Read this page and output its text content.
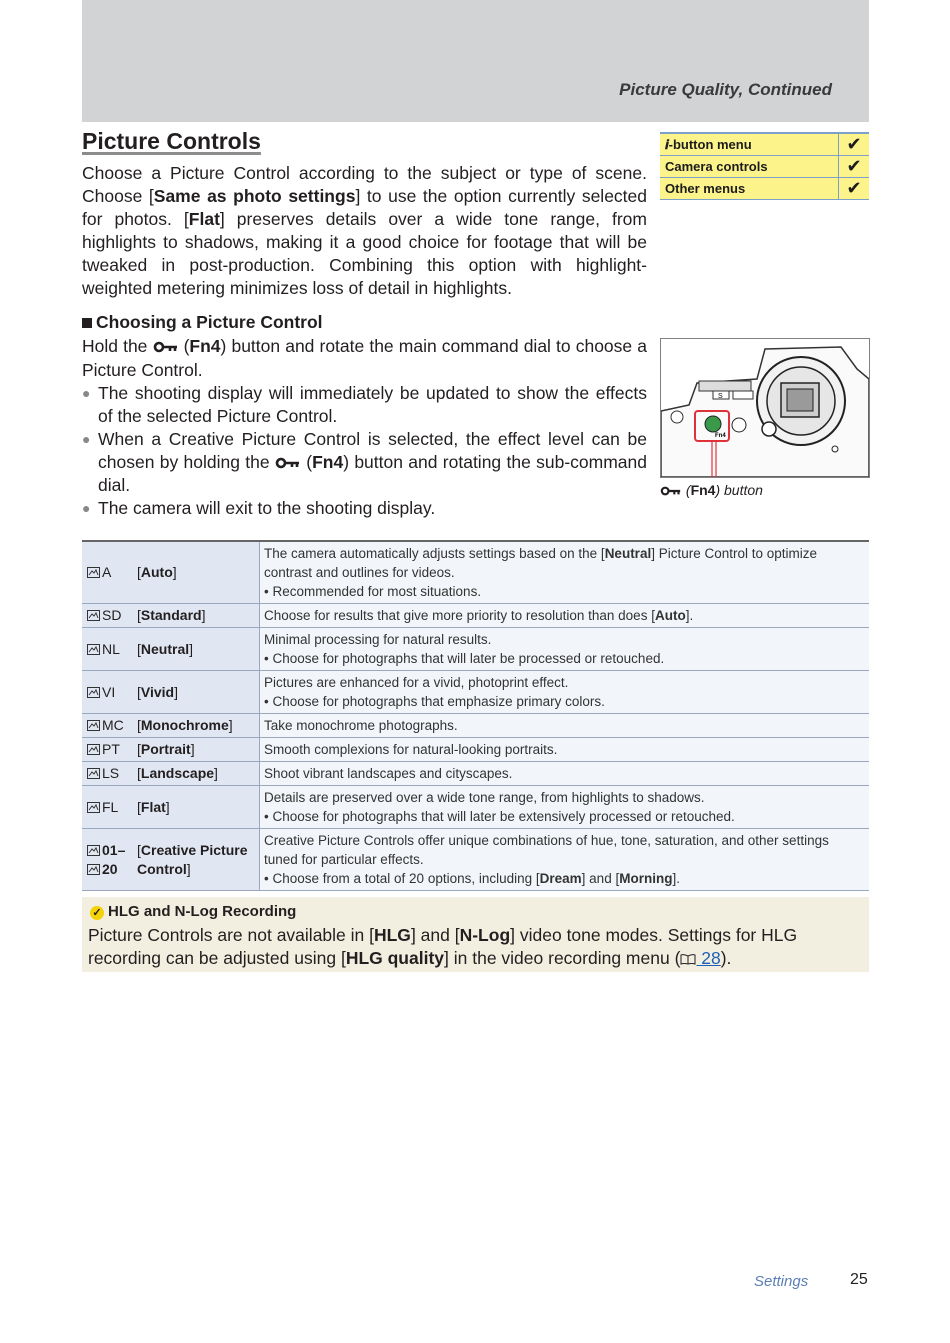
Picture Quality, Continued
Picture Controls
Choose a Picture Control according to the subject or type of scene. Choose [Same as photo settings] to use the option currently selected for photos. [Flat] preserves details over a wide tone range, from highlights to shadows, making it a good choice for footage that will be tweaked in post-production. Combining this option with highlight-weighted metering minimizes loss of detail in highlights.
𝒊-button menu	✔
Camera controls	✔
Other menus	✔
Choosing a Picture Control
Hold the  (Fn4) button and rotate the main command dial to choose a Picture Control.
● The shooting display will immediately be updated to show the effects of the selected Picture Control.
● When a Creative Picture Control is selected, the effect level can be chosen by holding the  (Fn4) button and rotating the sub-command dial.
● The camera will exit to the shooting display.
S
Fn4
(Fn4) button
A	[Auto]	The camera automatically adjusts settings based on the [Neutral] Picture Control to optimize contrast and outlines for videos.
• Recommended for most situations.
SD	[Standard]	Choose for results that give more priority to resolution than does [Auto].
NL	[Neutral]	Minimal processing for natural results.
• Choose for photographs that will later be processed or retouched.
VI	[Vivid]	Pictures are enhanced for a vivid, photoprint effect.
• Choose for photographs that emphasize primary colors.
MC	[Monochrome]	Take monochrome photographs.
PT	[Portrait]	Smooth complexions for natural-looking portraits.
LS	[Landscape]	Shoot vibrant landscapes and cityscapes.
FL	[Flat]	Details are preserved over a wide tone range, from highlights to shadows.
• Choose for photographs that will later be extensively processed or retouched.
01–
20	[Creative Picture Control]	Creative Picture Controls offer unique combinations of hue, tone, saturation, and other settings tuned for particular effects.
• Choose from a total of 20 options, including [Dream] and [Morning].
✓ HLG and N-Log Recording
Picture Controls are not available in [HLG] and [N-Log] video tone modes. Settings for HLG recording can be adjusted using [HLG quality] in the video recording menu ( 28).
Settings	25
